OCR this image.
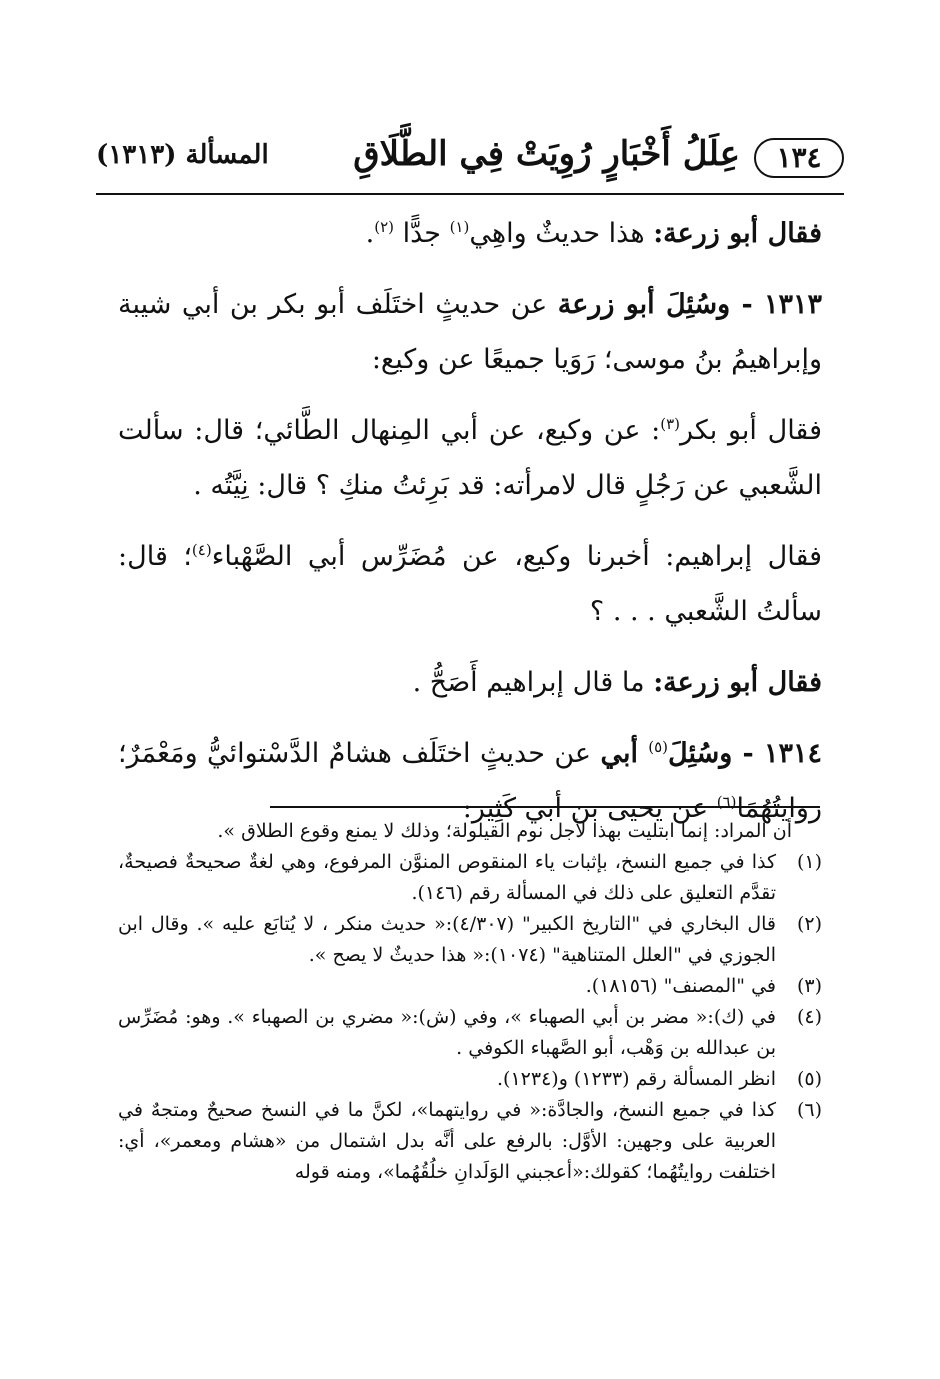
١٣٤
عِلَلُ أَخْبَارٍ رُوِيَتْ فِي الطَّلَاقِ
المسألة (١٣١٣)

فقال أبو زرعة: هذا حديثٌ واهِي$^{(١)}$ جدًّا $^{(٢)}$.

١٣١٣ - وسُئِلَ أبو زرعة عن حديثٍ اختَلَف أبو بكر بن أبي شيبة وإبراهيمُ بنُ موسى؛ رَوَيا جميعًا عن وكيع:

فقال أبو بكر$^{(٣)}$: عن وكيع، عن أبي المِنهال الطَّائي؛ قال: سألت الشَّعبي عن رَجُلٍ قال لامرأته: قد بَرِئتُ منكِ ؟ قال: نِيَّتُه .

فقال إبراهيم: أخبرنا وكيع، عن مُضَرِّس أبي الصَّهْباء$^{(٤)}$؛ قال: سألتُ الشَّعبي . . . ؟

فقال أبو زرعة: ما قال إبراهيم أَصَحُّ .

١٣١٤ - وسُئِلَ$^{(٥)}$ أبي عن حديثٍ اختَلَف هشامٌ الدَّسْتوائيُّ ومَعْمَرٌ؛ روايتُهُمَا$^{(٦)}$ عن يحيى بن أبي كَثِير:

أن المراد: إنما ابتليت بهذا لأجل نوم القيلولة؛ وذلك لا يمنع وقوع الطلاق ».

(١)
كذا في جميع النسخ، بإثبات ياء المنقوص المنوَّن المرفوع، وهي لغةٌ صحيحةٌ فصيحةٌ، تقدَّم التعليق على ذلك في المسألة رقم (١٤٦).

(٢)
قال البخاري في "التاريخ الكبير" (٤/٣٠٧):« حديث منكر ، لا يُتابَع عليه ». وقال ابن الجوزي في "العلل المتناهية" (١٠٧٤):« هذا حديثٌ لا يصح ».

(٣)
في "المصنف" (١٨١٥٦).

(٤)
في (ك):« مضر بن أبي الصهباء »، وفي (ش):« مضري بن الصهباء ». وهو: مُضَرِّس بن عبدالله بن وَهْب، أبو الصَّهباء الكوفي .

(٥)
انظر المسألة رقم (١٢٣٣) و(١٢٣٤).

(٦)
كذا في جميع النسخ، والجادَّة:« في روايتهما»، لكنَّ ما في النسخ صحيحٌ ومتجهٌ في العربية على وجهين: الأوَّل: بالرفع على أنَّه بدل اشتمال من «هشام ومعمر»، أي: اختلفت روايتُهُما؛ كقولك:«أعجبني الوَلَدانِ خلُقُهُما»، ومنه قوله
